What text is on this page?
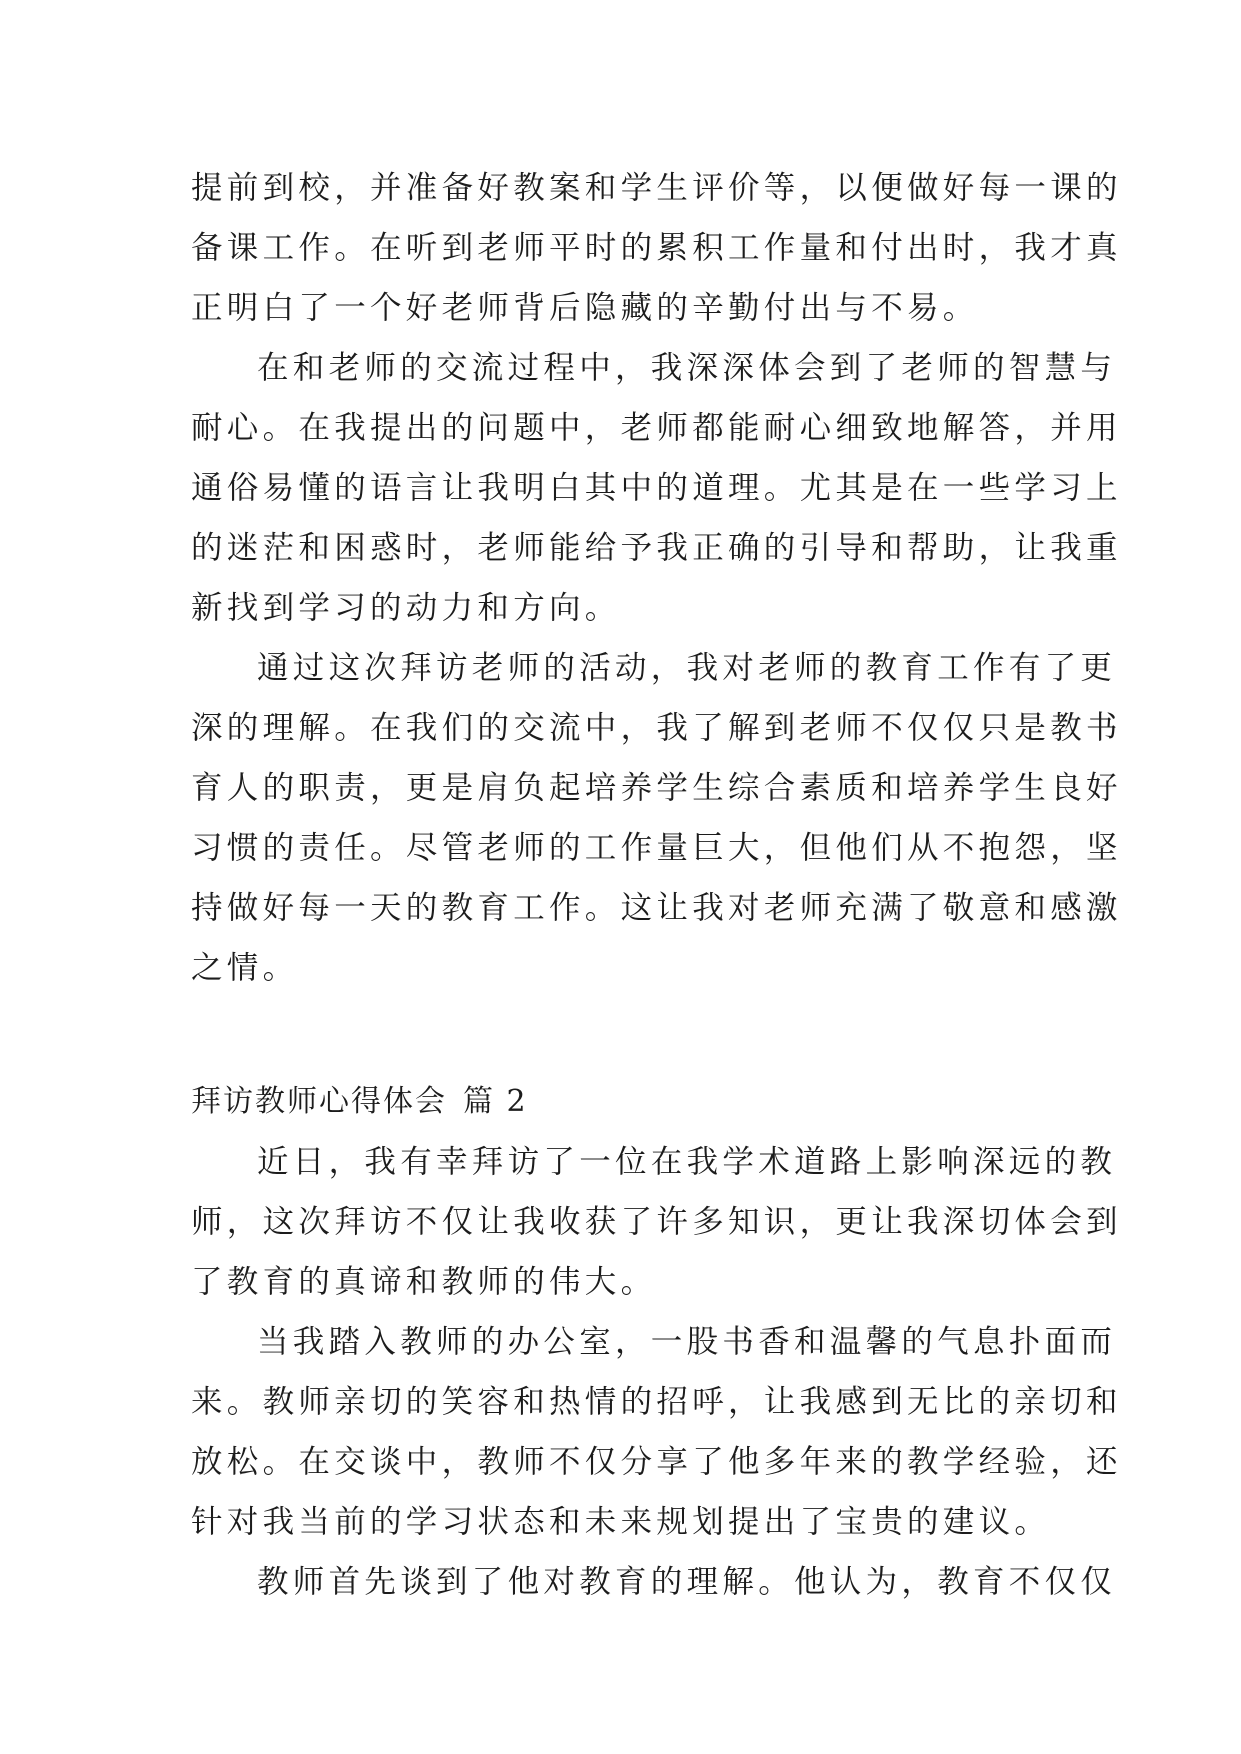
提前到校，并准备好教案和学生评价等，以便做好每一课的
备课工作。在听到老师平时的累积工作量和付出时，我才真
正明白了一个好老师背后隐藏的辛勤付出与不易。

在和老师的交流过程中，我深深体会到了老师的智慧与
耐心。在我提出的问题中，老师都能耐心细致地解答，并用
通俗易懂的语言让我明白其中的道理。尤其是在一些学习上
的迷茫和困惑时，老师能给予我正确的引导和帮助，让我重
新找到学习的动力和方向。

通过这次拜访老师的活动，我对老师的教育工作有了更
深的理解。在我们的交流中，我了解到老师不仅仅只是教书
育人的职责，更是肩负起培养学生综合素质和培养学生良好
习惯的责任。尽管老师的工作量巨大，但他们从不抱怨，坚
持做好每一天的教育工作。这让我对老师充满了敬意和感激
之情。

拜访教师心得体会 篇 2

近日，我有幸拜访了一位在我学术道路上影响深远的教
师，这次拜访不仅让我收获了许多知识，更让我深切体会到
了教育的真谛和教师的伟大。

当我踏入教师的办公室，一股书香和温馨的气息扑面而
来。教师亲切的笑容和热情的招呼，让我感到无比的亲切和
放松。在交谈中，教师不仅分享了他多年来的教学经验，还
针对我当前的学习状态和未来规划提出了宝贵的建议。

教师首先谈到了他对教育的理解。他认为，教育不仅仅
